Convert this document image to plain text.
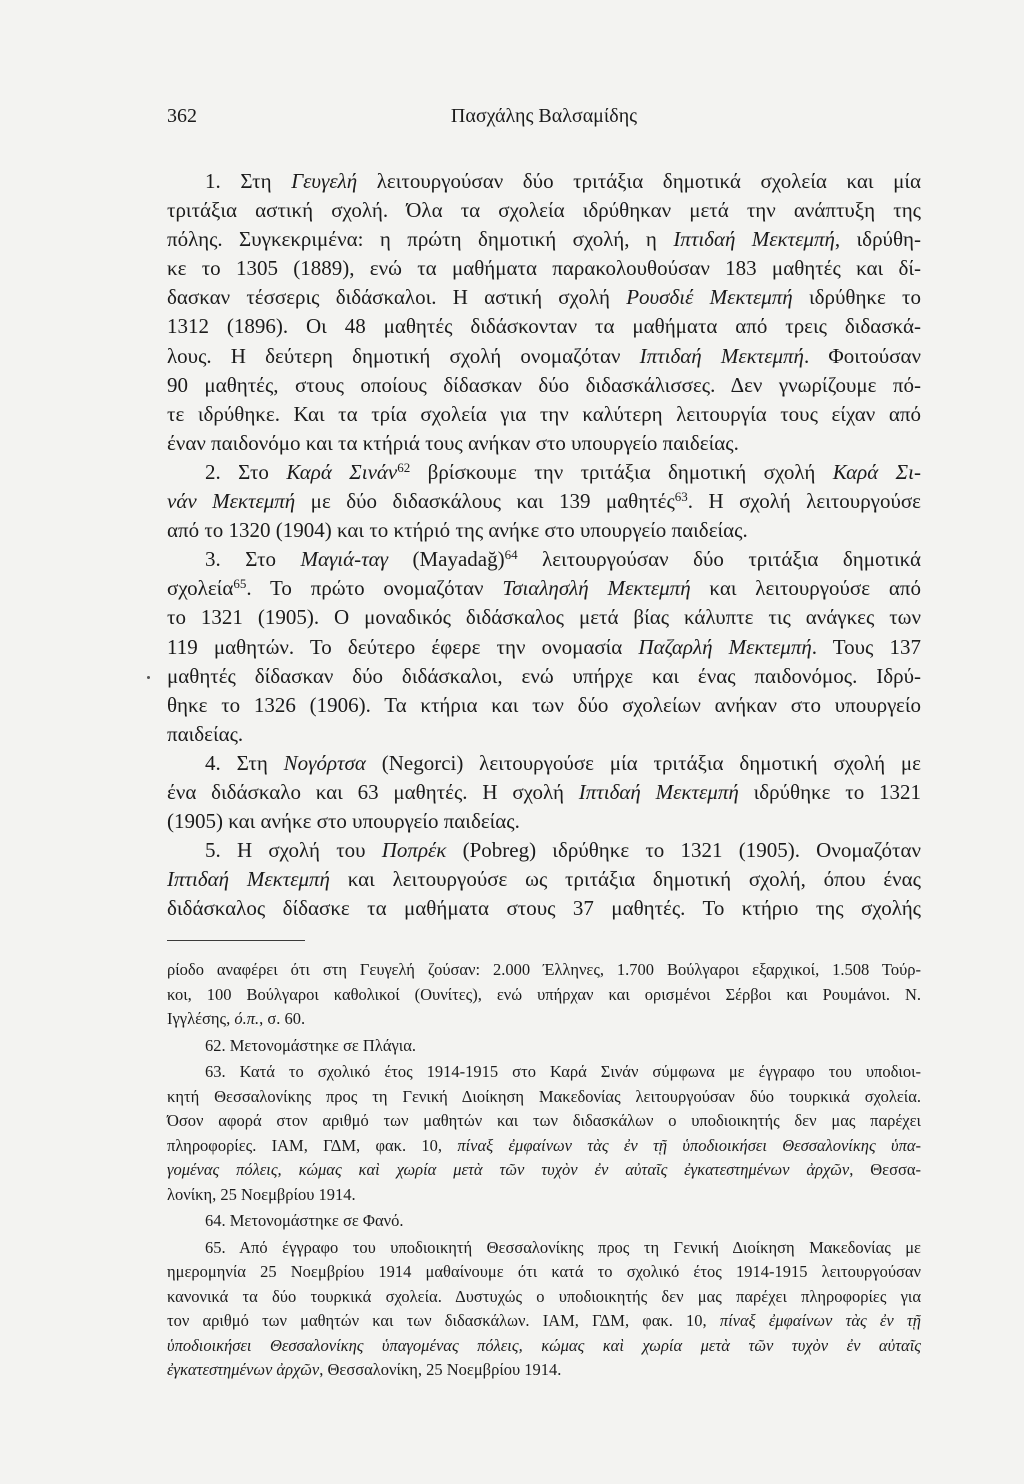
362	Πασχάλης Βαλσαμίδης
1. Στη Γευγελή λειτουργούσαν δύο τριτάξια δημοτικά σχολεία και μία
τριτάξια αστική σχολή. Όλα τα σχολεία ιδρύθηκαν μετά την ανάπτυξη της
πόλης. Συγκεκριμένα: η πρώτη δημοτική σχολή, η Ιπτιδαή Μεκτεμπή, ιδρύθη-
κε το 1305 (1889), ενώ τα μαθήματα παρακολουθούσαν 183 μαθητές και δί-
δασκαν τέσσερις διδάσκαλοι. Η αστική σχολή Ρουσδιέ Μεκτεμπή ιδρύθηκε το
1312 (1896). Οι 48 μαθητές διδάσκονταν τα μαθήματα από τρεις διδασκά-
λους. Η δεύτερη δημοτική σχολή ονομαζόταν Ιπτιδαή Μεκτεμπή. Φοιτούσαν
90 μαθητές, στους οποίους δίδασκαν δύο διδασκάλισσες. Δεν γνωρίζουμε πό-
τε ιδρύθηκε. Και τα τρία σχολεία για την καλύτερη λειτουργία τους είχαν από
έναν παιδονόμο και τα κτήριά τους ανήκαν στο υπουργείο παιδείας.
2. Στο Καρά Σινάν$^{62}$ βρίσκουμε την τριτάξια δημοτική σχολή Καρά Σι-
νάν Μεκτεμπή με δύο διδασκάλους και 139 μαθητές$^{63}$. Η σχολή λειτουργούσε
από το 1320 (1904) και το κτήριό της ανήκε στο υπουργείο παιδείας.
3. Στο Μαγιά-ταγ (Mayadağ)$^{64}$ λειτουργούσαν δύο τριτάξια δημοτικά
σχολεία$^{65}$. Το πρώτο ονομαζόταν Τσιαλησλή Μεκτεμπή και λειτουργούσε από
το 1321 (1905). Ο μοναδικός διδάσκαλος μετά βίας κάλυπτε τις ανάγκες των
119 μαθητών. Το δεύτερο έφερε την ονομασία Παζαρλή Μεκτεμπή. Τους 137
μαθητές δίδασκαν δύο διδάσκαλοι, ενώ υπήρχε και ένας παιδονόμος. Ιδρύ-
θηκε το 1326 (1906). Τα κτήρια και των δύο σχολείων ανήκαν στο υπουργείο
παιδείας.
4. Στη Νογόρτσα (Negorci) λειτουργούσε μία τριτάξια δημοτική σχολή με
ένα διδάσκαλο και 63 μαθητές. Η σχολή Ιπτιδαή Μεκτεμπή ιδρύθηκε το 1321
(1905) και ανήκε στο υπουργείο παιδείας.
5. Η σχολή του Ποπρέκ (Pobreg) ιδρύθηκε το 1321 (1905). Ονομαζόταν
Ιπτιδαή Μεκτεμπή και λειτουργούσε ως τριτάξια δημοτική σχολή, όπου ένας
διδάσκαλος δίδασκε τα μαθήματα στους 37 μαθητές. Το κτήριο της σχολής
ρίοδο αναφέρει ότι στη Γευγελή ζούσαν: 2.000 Έλληνες, 1.700 Βούλγαροι εξαρχικοί, 1.508 Τούρ-
κοι, 100 Βούλγαροι καθολικοί (Ουνίτες), ενώ υπήρχαν και ορισμένοι Σέρβοι και Ρουμάνοι. Ν.
Ιγγλέσης, ό.π., σ. 60.
62. Μετονομάστηκε σε Πλάγια.
63. Κατά το σχολικό έτος 1914-1915 στο Καρά Σινάν σύμφωνα με έγγραφο του υποδιοι-
κητή Θεσσαλονίκης προς τη Γενική Διοίκηση Μακεδονίας λειτουργούσαν δύο τουρκικά σχολεία.
Όσον αφορά στον αριθμό των μαθητών και των διδασκάλων ο υποδιοικητής δεν μας παρέχει
πληροφορίες. ΙΑΜ, ΓΔΜ, φακ. 10, πίναξ ἐμφαίνων τὰς ἐν τῇ ὑποδιοικήσει Θεσσαλονίκης ὑπα-
γομένας πόλεις, κώμας καὶ χωρία μετὰ τῶν τυχὸν ἐν αὐταῖς ἐγκατεστημένων ἀρχῶν, Θεσσα-
λονίκη, 25 Νοεμβρίου 1914.
64. Μετονομάστηκε σε Φανό.
65. Από έγγραφο του υποδιοικητή Θεσσαλονίκης προς τη Γενική Διοίκηση Μακεδονίας με
ημερομηνία 25 Νοεμβρίου 1914 μαθαίνουμε ότι κατά το σχολικό έτος 1914-1915 λειτουργούσαν
κανονικά τα δύο τουρκικά σχολεία. Δυστυχώς ο υποδιοικητής δεν μας παρέχει πληροφορίες για
τον αριθμό των μαθητών και των διδασκάλων. ΙΑΜ, ΓΔΜ, φακ. 10, πίναξ ἐμφαίνων τὰς ἐν τῇ
ὑποδιοικήσει Θεσσαλονίκης ὑπαγομένας πόλεις, κώμας καὶ χωρία μετὰ τῶν τυχὸν ἐν αὐταῖς
ἐγκατεστημένων ἀρχῶν, Θεσσαλονίκη, 25 Νοεμβρίου 1914.
